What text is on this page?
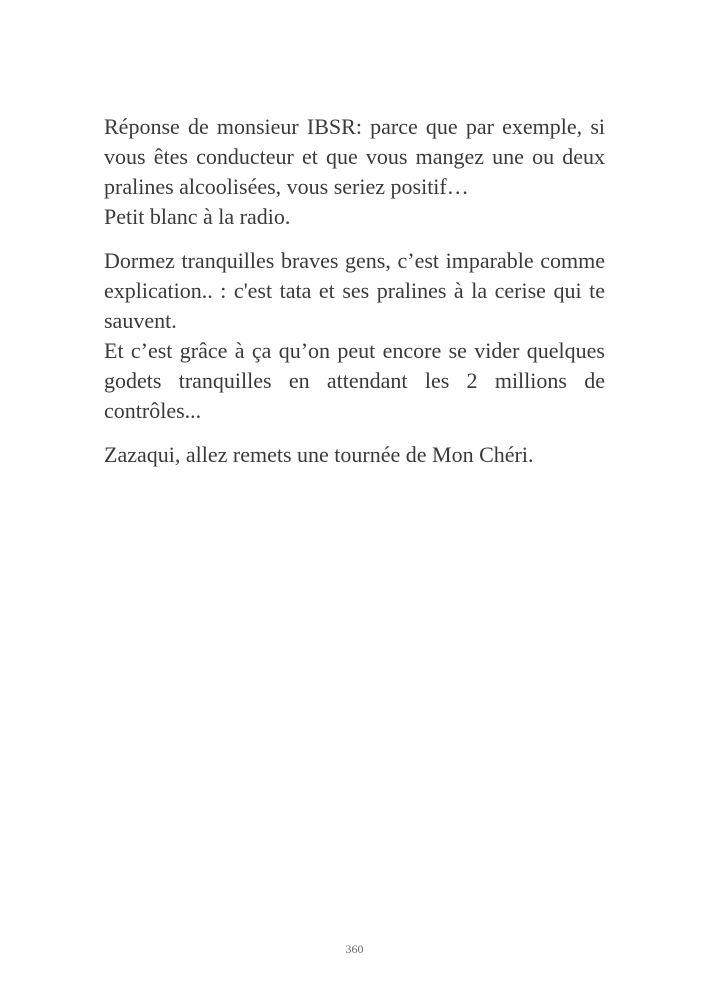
Réponse de monsieur IBSR: parce que par exemple, si vous êtes conducteur et que vous mangez une ou deux pralines alcoolisées, vous seriez positif…
Petit blanc à la radio.

Dormez tranquilles braves gens, c’est imparable comme explication.. : c'est tata et ses pralines à la cerise qui te sauvent.
Et c’est grâce à ça qu’on peut encore se vider quelques godets tranquilles en attendant les 2 millions de contrôles...

Zazaqui, allez remets une tournée de Mon Chéri.

360
